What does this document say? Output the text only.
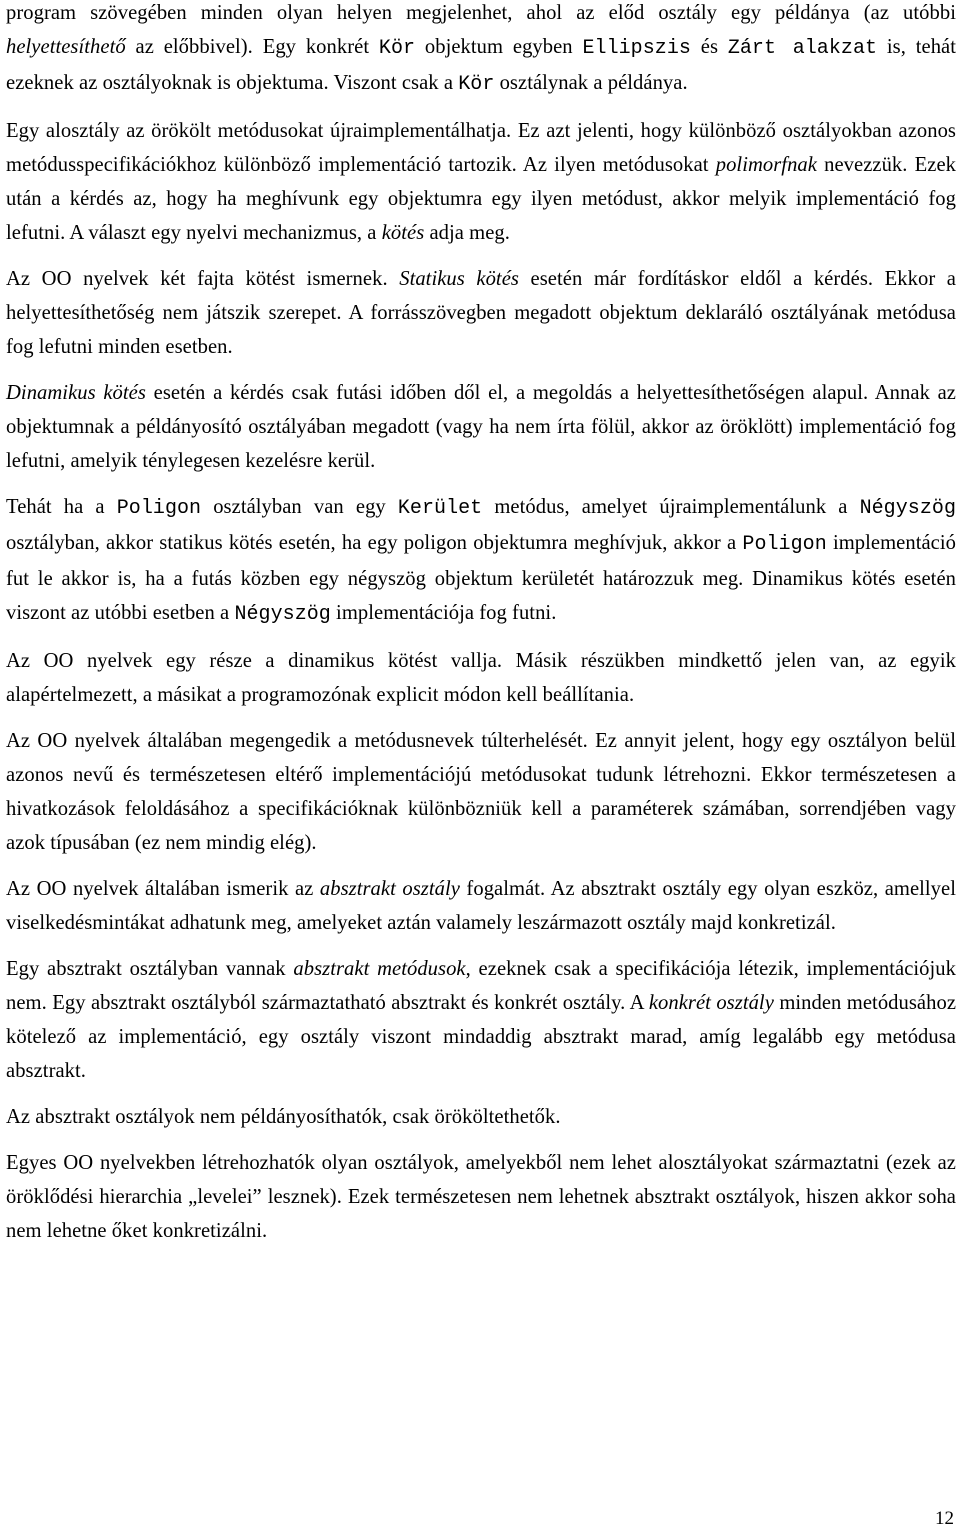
program szövegében minden olyan helyen megjelenhet, ahol az előd osztály egy példánya (az utóbbi helyettesíthető az előbbivel). Egy konkrét Kör objektum egyben Ellipszis és Zárt alakzat is, tehát ezeknek az osztályoknak is objektuma. Viszont csak a Kör osztálynak a példánya.

Egy alosztály az örökölt metódusokat újraimplementálhatja. Ez azt jelenti, hogy különböző osztályokban azonos metódusspecifikációkhoz különböző implementáció tartozik. Az ilyen metódusokat polimorfnak nevezzük. Ezek után a kérdés az, hogy ha meghívunk egy objektumra egy ilyen metódust, akkor melyik implementáció fog lefutni. A választ egy nyelvi mechanizmus, a kötés adja meg.

Az OO nyelvek két fajta kötést ismernek. Statikus kötés esetén már fordításkor eldől a kérdés. Ekkor a helyettesíthetőség nem játszik szerepet. A forrásszövegben megadott objektum deklaráló osztályának metódusa fog lefutni minden esetben.

Dinamikus kötés esetén a kérdés csak futási időben dől el, a megoldás a helyettesíthetőségen alapul. Annak az objektumnak a példányosító osztályában megadott (vagy ha nem írta fölül, akkor az öröklött) implementáció fog lefutni, amelyik ténylegesen kezelésre kerül.

Tehát ha a Poligon osztályban van egy Kerület metódus, amelyet újraimplementálunk a Négyszög osztályban, akkor statikus kötés esetén, ha egy poligon objektumra meghívjuk, akkor a Poligon implementáció fut le akkor is, ha a futás közben egy négyszög objektum kerületét határozzuk meg. Dinamikus kötés esetén viszont az utóbbi esetben a Négyszög implementációja fog futni.

Az OO nyelvek egy része a dinamikus kötést vallja. Másik részükben mindkettő jelen van, az egyik alapértelmezett, a másikat a programozónak explicit módon kell beállítania.

Az OO nyelvek általában megengedik a metódusnevek túlterhelését. Ez annyit jelent, hogy egy osztályon belül azonos nevű és természetesen eltérő implementációjú metódusokat tudunk létrehozni. Ekkor természetesen a hivatkozások feloldásához a specifikációknak különbözniük kell a paraméterek számában, sorrendjében vagy azok típusában (ez nem mindig elég).

Az OO nyelvek általában ismerik az absztrakt osztály fogalmát. Az absztrakt osztály egy olyan eszköz, amellyel viselkedésmintákat adhatunk meg, amelyeket aztán valamely leszármazott osztály majd konkretizál.

Egy absztrakt osztályban vannak absztrakt metódusok, ezeknek csak a specifikációja létezik, implementációjuk nem. Egy absztrakt osztályból származtatható absztrakt és konkrét osztály. A konkrét osztály minden metódusához kötelező az implementáció, egy osztály viszont mindaddig absztrakt marad, amíg legalább egy metódusa absztrakt.

Az absztrakt osztályok nem példányosíthatók, csak örököltethetők.

Egyes OO nyelvekben létrehozhatók olyan osztályok, amelyekből nem lehet alosztályokat származtatni (ezek az öröklődési hierarchia „levelei” lesznek). Ezek természetesen nem lehetnek absztrakt osztályok, hiszen akkor soha nem lehetne őket konkretizálni.

12
